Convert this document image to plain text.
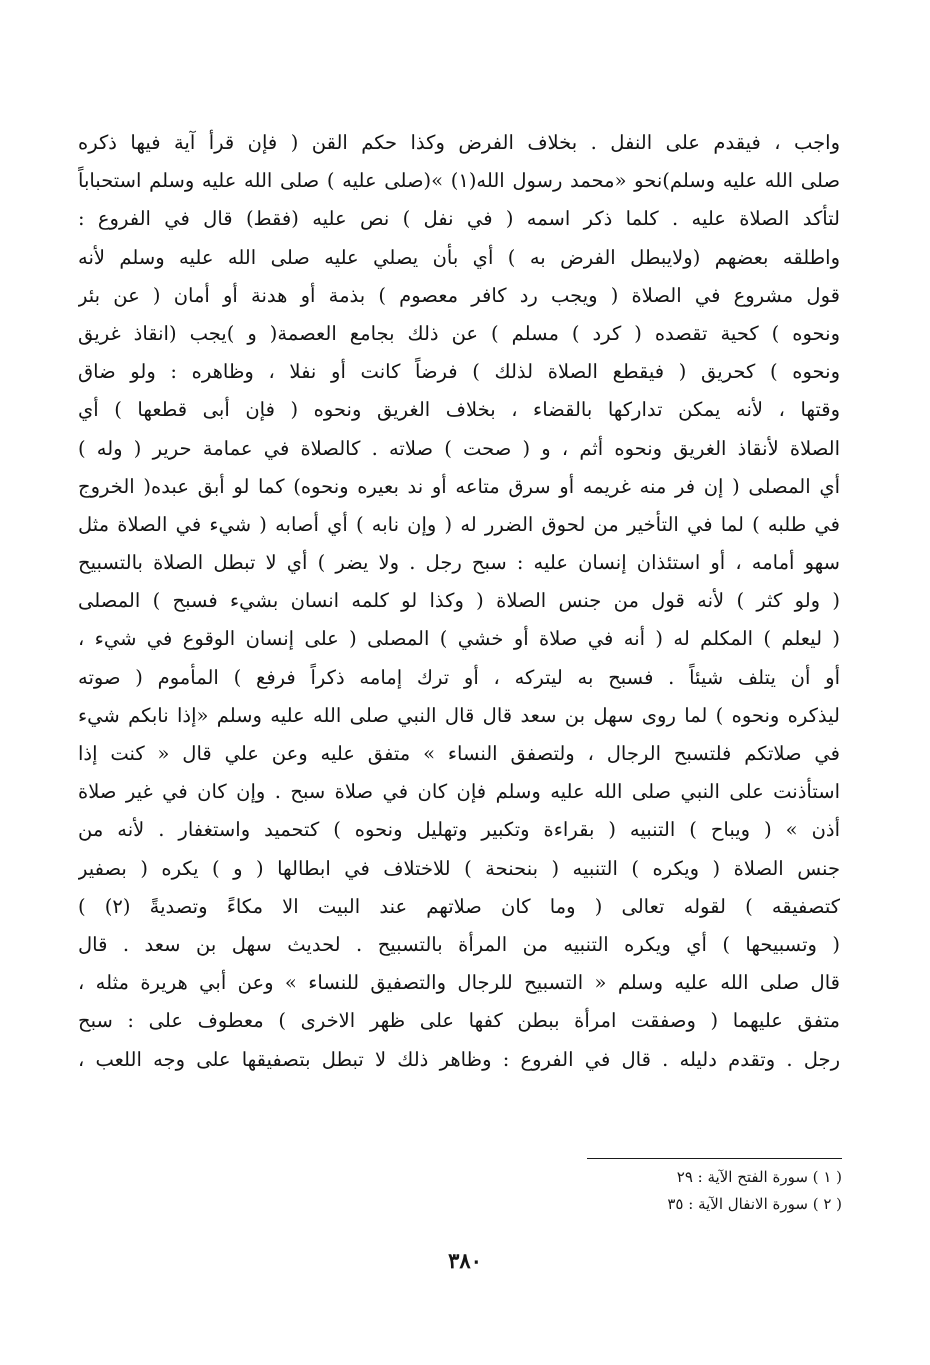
واجب ، فيقدم على النفل . بخلاف الفرض وكذا حكم القن ( فإن قرأ آية فيها ذكره
صلى الله عليه وسلم)نحو «محمد رسول الله(١) »(صلى عليه ) صلى الله عليه وسلم استحباباً
لتأكد الصلاة عليه . كلما ذكر اسمه ( في نفل ) نص عليه (فقط) قال في الفروع :
واطلقه بعضهم (ولايبطل الفرض به ) أي بأن يصلي عليه صلى الله عليه وسلم لأنه
قول مشروع في الصلاة ( ويجب رد كافر معصوم ) بذمة أو هدنة أو أمان ( عن بئر
ونحوه ) كحية تقصده ( كرد ) مسلم ) عن ذلك بجامع العصمة( و )يجب (انقاذ غريق
ونحوه ) كحريق ( فيقطع الصلاة لذلك ) فرضاً كانت أو نفلا ، وظاهره : ولو ضاق
وقتها ، لأنه يمكن تداركها بالقضاء ، بخلاف الغريق ونحوه ( فإن أبى قطعها ) أي
الصلاة لأنقاذ الغريق ونحوه أثم ، و ( صحت ) صلاته . كالصلاة في عمامة حرير ( وله )
أي المصلى ( إن فر منه غريمه أو سرق متاعه أو ند بعيره ونحوه) كما لو أبق عبده( الخروج
في طلبه ) لما في التأخير من لحوق الضرر له ( وإن نابه ) أي أصابه ( شيء في الصلاة مثل
سهو أمامه ، أو استئذان إنسان عليه : سبح رجل . ولا يضر ) أي لا تبطل الصلاة بالتسبيح
( ولو كثر ) لأنه قول من جنس الصلاة ( وكذا لو كلمه انسان بشيء فسبح ) المصلى
( ليعلم ) المكلم له ( أنه في صلاة أو خشي ) المصلى ( على إنسان الوقوع في شيء ،
أو أن يتلف شيئاً . فسبح به ليتركه ، أو ترك إمامه ذكراً فرفع ) المأموم ( صوته
ليذكره ونحوه ) لما روى سهل بن سعد قال قال النبي صلى الله عليه وسلم «إذا نابكم شيء
في صلاتكم فلتسبح الرجال ، ولتصفق النساء » متفق عليه وعن علي قال « كنت إذا
استأذنت على النبي صلى الله عليه وسلم فإن كان في صلاة سبح . وإن كان في غير صلاة
أذن » ( ويباح ) التنبيه ( بقراءة وتكبير وتهليل ونحوه ) كتحميد واستغفار . لأنه من
جنس الصلاة ( ويكره ) التنبيه ( بنحنحة ) للاختلاف في ابطالها ( و ) يكره ( بصفير
كتصفيقه ) لقوله تعالى ( وما كان صلاتهم عند البيت الا مكاءً وتصديةً (٢) )
( وتسبيحها ) أي ويكره التنبيه من المرأة بالتسبيح . لحديث سهل بن سعد . قال
قال صلى الله عليه وسلم « التسبيح للرجال والتصفيق للنساء » وعن أبي هريرة مثله ،
متفق عليهما ( وصفقت امرأة ببطن كفها على ظهر الاخرى ) معطوف على : سبح
رجل . وتقدم دليله . قال في الفروع : وظاهر ذلك لا تبطل بتصفيقها على وجه اللعب ،
( ١ ) سورة الفتح الآية : ٢٩
( ٢ ) سورة الانفال الآية : ٣٥
٣٨٠
